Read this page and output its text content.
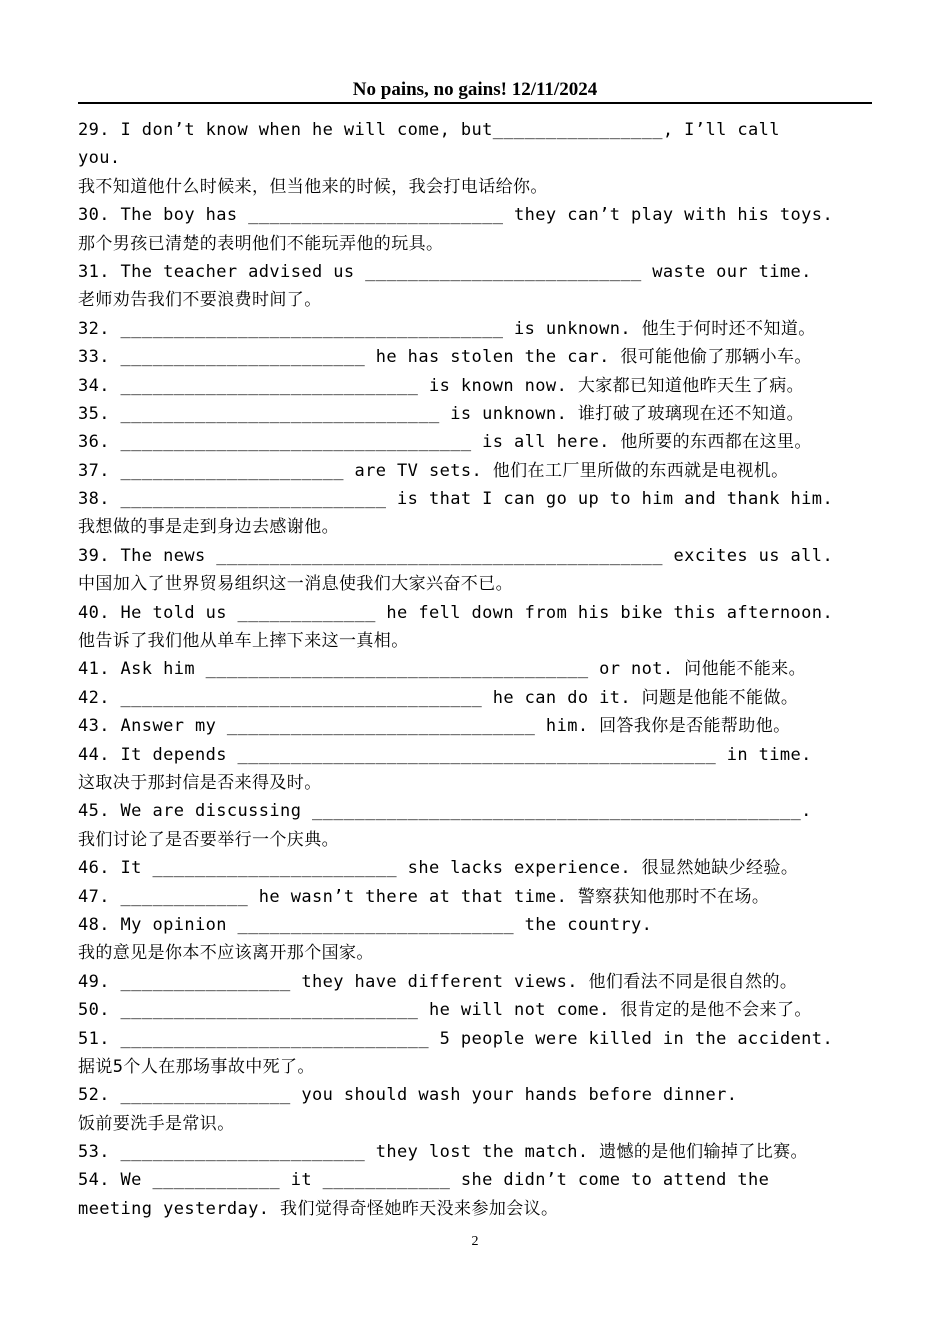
No pains, no gains! 12/11/2024
29. I don’t know when he will come, but________________, I’ll call
you.
我不知道他什么时候来，但当他来的时候，我会打电话给你。
30. The boy has ________________________ they can’t play with his toys.
那个男孩已清楚的表明他们不能玩弄他的玩具。
31. The teacher advised us __________________________ waste our time.
老师劝告我们不要浪费时间了。
32. ____________________________________ is unknown. 他生于何时还不知道。
33. _______________________ he has stolen the car. 很可能他偷了那辆小车。
34. ____________________________ is known now. 大家都已知道他昨天生了病。
35. ______________________________ is unknown. 谁打破了玻璃现在还不知道。
36. _________________________________ is all here. 他所要的东西都在这里。
37. _____________________ are TV sets. 他们在工厂里所做的东西就是电视机。
38. _________________________ is that I can go up to him and thank him.
我想做的事是走到身边去感谢他。
39. The news __________________________________________ excites us all.
中国加入了世界贸易组织这一消息使我们大家兴奋不已。
40. He told us _____________ he fell down from his bike this afternoon.
他告诉了我们他从单车上摔下来这一真相。
41. Ask him ____________________________________ or not. 问他能不能来。
42. __________________________________ he can do it. 问题是他能不能做。
43. Answer my _____________________________ him. 回答我你是否能帮助他。
44. It depends _____________________________________________ in time.
这取决于那封信是否来得及时。
45. We are discussing ______________________________________________.
我们讨论了是否要举行一个庆典。
46. It _______________________ she lacks experience. 很显然她缺少经验。
47. ____________ he wasn’t there at that time. 警察获知他那时不在场。
48. My opinion __________________________ the country.
我的意见是你本不应该离开那个国家。
49. ________________ they have different views. 他们看法不同是很自然的。
50. ____________________________ he will not come. 很肯定的是他不会来了。
51. _____________________________ 5 people were killed in the accident.
据说5个人在那场事故中死了。
52. ________________ you should wash your hands before dinner.
饭前要洗手是常识。
53. _______________________ they lost the match. 遗憾的是他们输掉了比赛。
54. We ____________ it ____________ she didn’t come to attend the
meeting yesterday. 我们觉得奇怪她昨天没来参加会议。
2
